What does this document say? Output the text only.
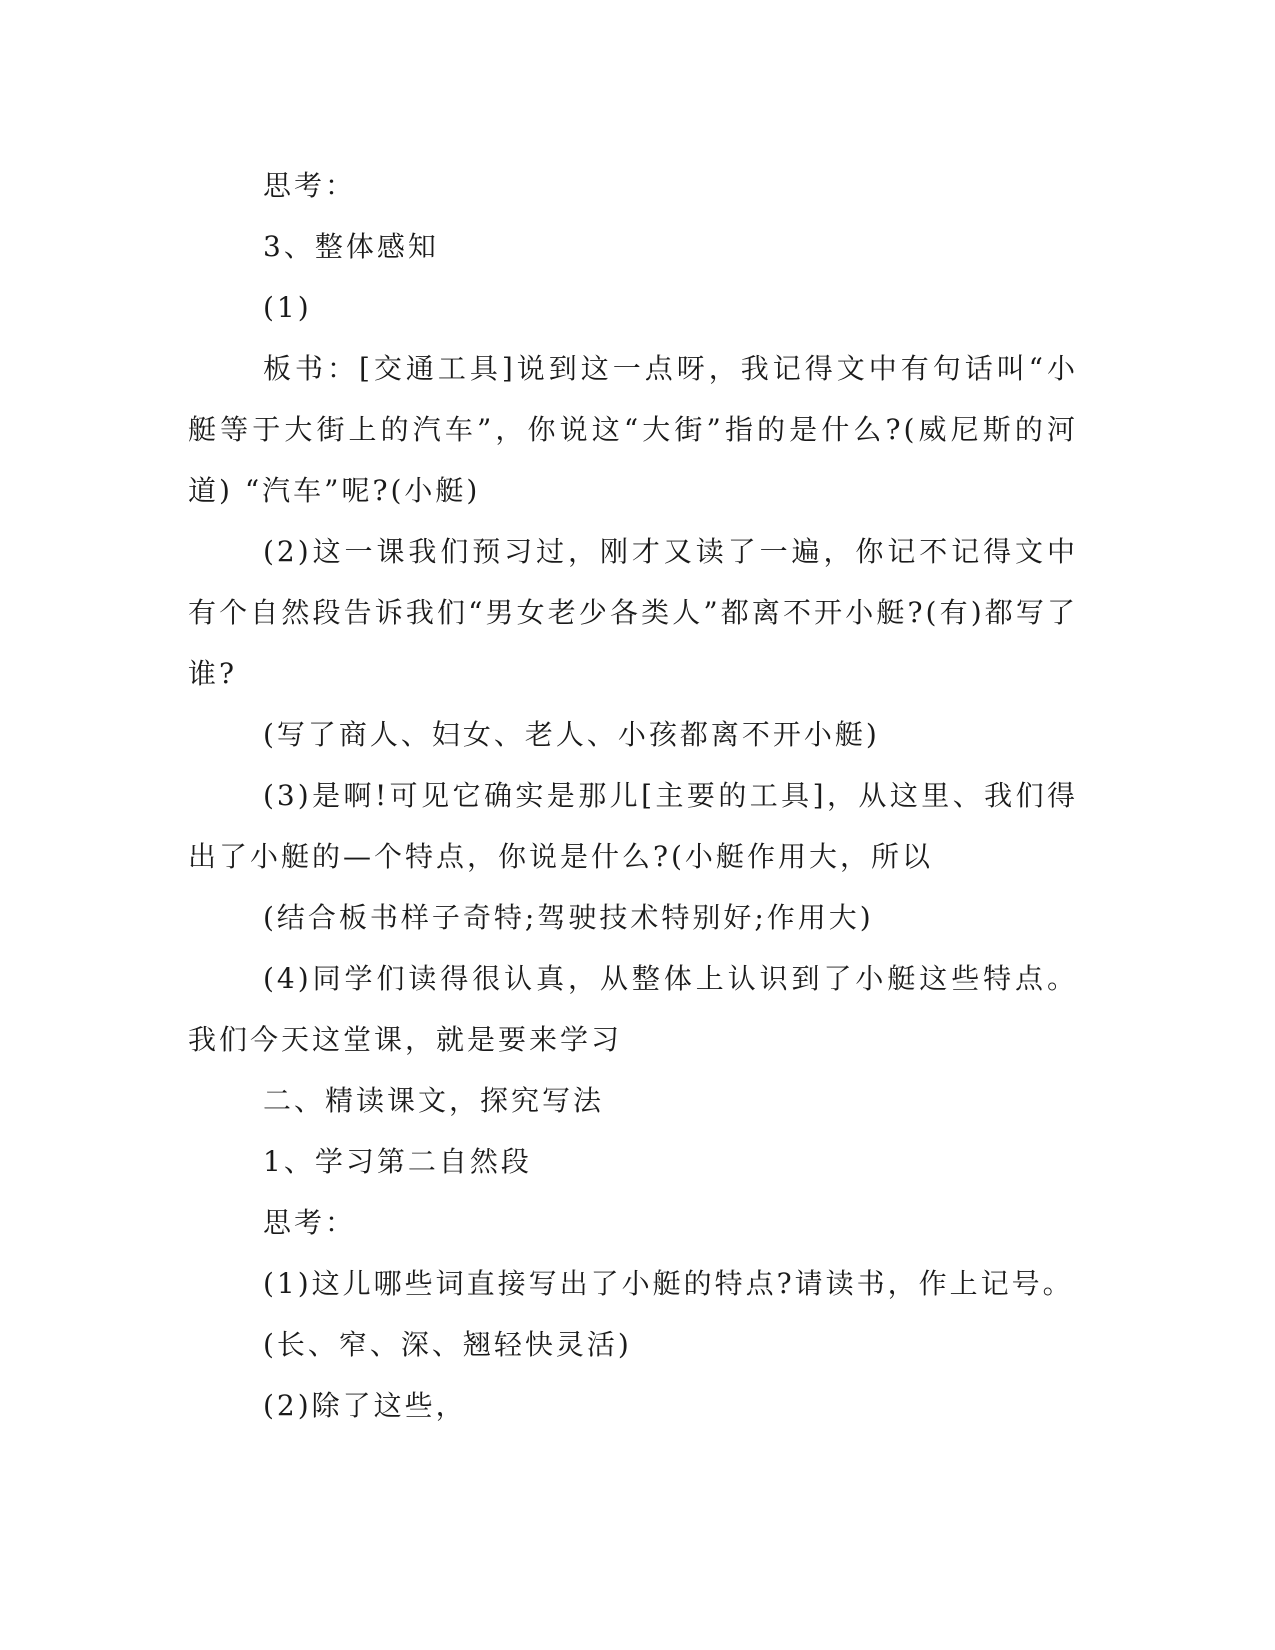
思考：

3、整体感知

(1)

板书：[交通工具]说到这一点呀，我记得文中有句话叫“小艇等于大街上的汽车”，你说这“大街”指的是什么?(威尼斯的河道) “汽车”呢?(小艇)

(2)这一课我们预习过，刚才又读了一遍，你记不记得文中有个自然段告诉我们“男女老少各类人”都离不开小艇?(有)都写了谁?

(写了商人、妇女、老人、小孩都离不开小艇)

(3)是啊!可见它确实是那儿[主要的工具]，从这里、我们得出了小艇的—个特点，你说是什么?(小艇作用大，所以

(结合板书样子奇特;驾驶技术特别好;作用大)

(4)同学们读得很认真，从整体上认识到了小艇这些特点。我们今天这堂课，就是要来学习

二、精读课文，探究写法

1、学习第二自然段

思考：

(1)这儿哪些词直接写出了小艇的特点?请读书，作上记号。

(长、窄、深、翘轻快灵活)

(2)除了这些，
